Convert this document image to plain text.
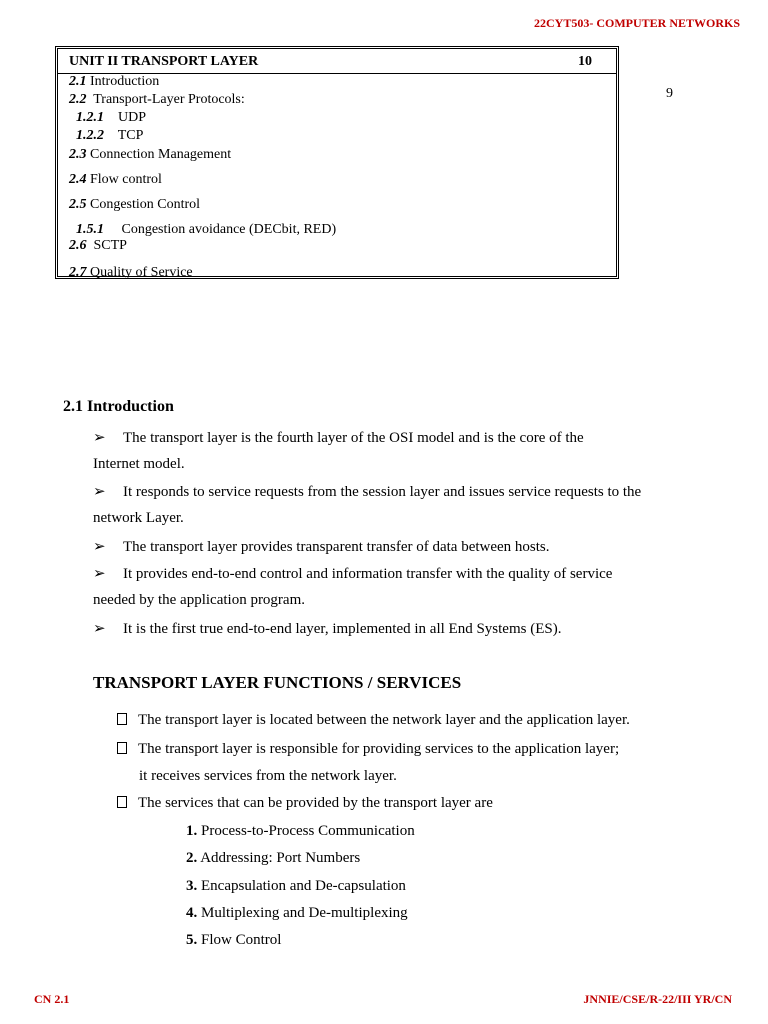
22CYT503- COMPUTER NETWORKS
UNIT II TRANSPORT LAYER	10
2.1 Introduction
2.2 Transport-Layer Protocols:
1.2.1 UDP
1.2.2 TCP
2.3 Connection Management
2.4 Flow control
2.5 Congestion Control
1.5.1 Congestion avoidance (DECbit, RED)
2.6 SCTP
2.7 Quality of Service
9
2.1 Introduction
➢ The transport layer is the fourth layer of the OSI model and is the core of the
Internet model.
➢ It responds to service requests from the session layer and issues service requests to the
network Layer.
➢ The transport layer provides transparent transfer of data between hosts.
➢ It provides end-to-end control and information transfer with the quality of service
needed by the application program.
➢ It is the first true end-to-end layer, implemented in all End Systems (ES).
TRANSPORT LAYER FUNCTIONS / SERVICES
The transport layer is located between the network layer and the application layer.
The transport layer is responsible for providing services to the application layer;
it receives services from the network layer.
The services that can be provided by the transport layer are
1. Process-to-Process Communication
2. Addressing: Port Numbers
3. Encapsulation and De-capsulation
4. Multiplexing and De-multiplexing
5. Flow Control
CN 2.1	JNNIE/CSE/R-22/III YR/CN
